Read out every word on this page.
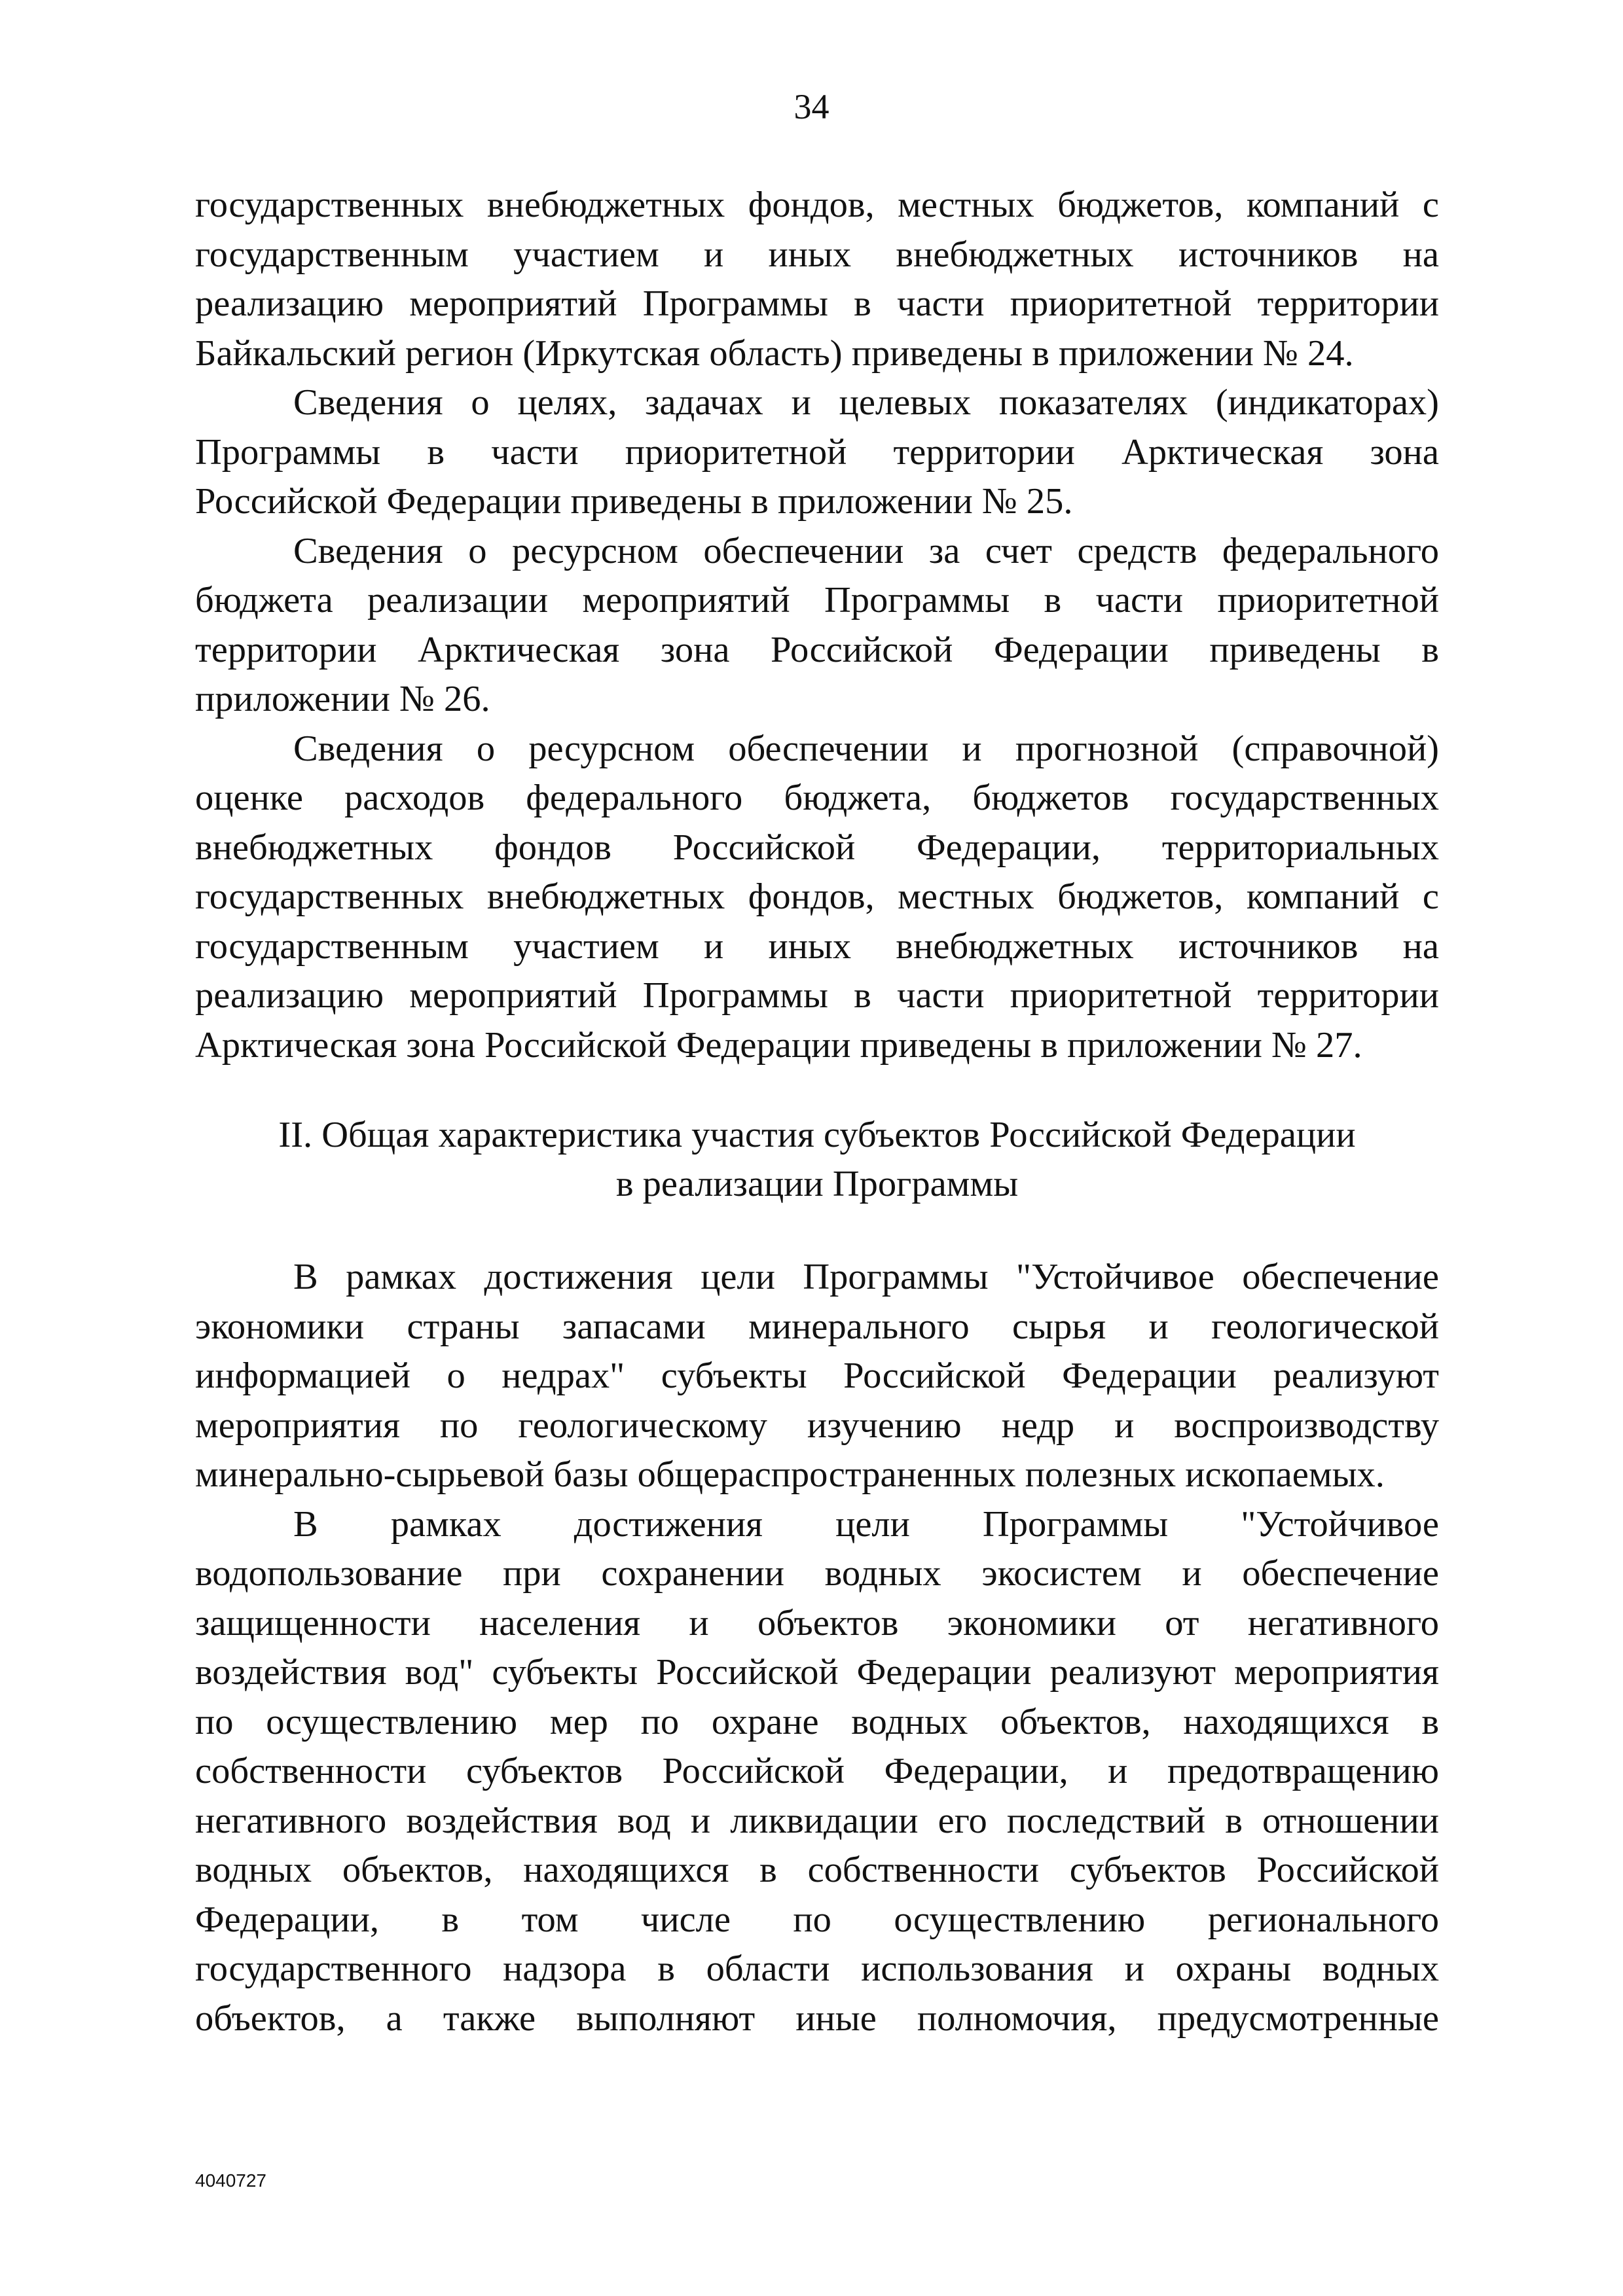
34
государственных внебюджетных фондов, местных бюджетов, компаний с
государственным участием и иных внебюджетных источников на
реализацию мероприятий Программы в части приоритетной территории
Байкальский регион (Иркутская область) приведены в приложении № 24.
Сведения о целях, задачах и целевых показателях (индикаторах)
Программы в части приоритетной территории Арктическая зона
Российской Федерации приведены в приложении № 25.
Сведения о ресурсном обеспечении за счет средств федерального
бюджета реализации мероприятий Программы в части приоритетной
территории Арктическая зона Российской Федерации приведены в
приложении № 26.
Сведения о ресурсном обеспечении и прогнозной (справочной)
оценке расходов федерального бюджета, бюджетов государственных
внебюджетных фондов Российской Федерации, территориальных
государственных внебюджетных фондов, местных бюджетов, компаний с
государственным участием и иных внебюджетных источников на
реализацию мероприятий Программы в части приоритетной территории
Арктическая зона Российской Федерации приведены в приложении № 27.
II. Общая характеристика участия субъектов Российской Федерации
в реализации Программы
В рамках достижения цели Программы "Устойчивое обеспечение
экономики страны запасами минерального сырья и геологической
информацией о недрах" субъекты Российской Федерации реализуют
мероприятия по геологическому изучению недр и воспроизводству
минерально-сырьевой базы общераспространенных полезных ископаемых.
В рамках достижения цели Программы "Устойчивое
водопользование при сохранении водных экосистем и обеспечение
защищенности населения и объектов экономики от негативного
воздействия вод" субъекты Российской Федерации реализуют мероприятия
по осуществлению мер по охране водных объектов, находящихся в
собственности субъектов Российской Федерации, и предотвращению
негативного воздействия вод и ликвидации его последствий в отношении
водных объектов, находящихся в собственности субъектов Российской
Федерации, в том числе по осуществлению регионального
государственного надзора в области использования и охраны водных
объектов, а также выполняют иные полномочия, предусмотренные
4040727
